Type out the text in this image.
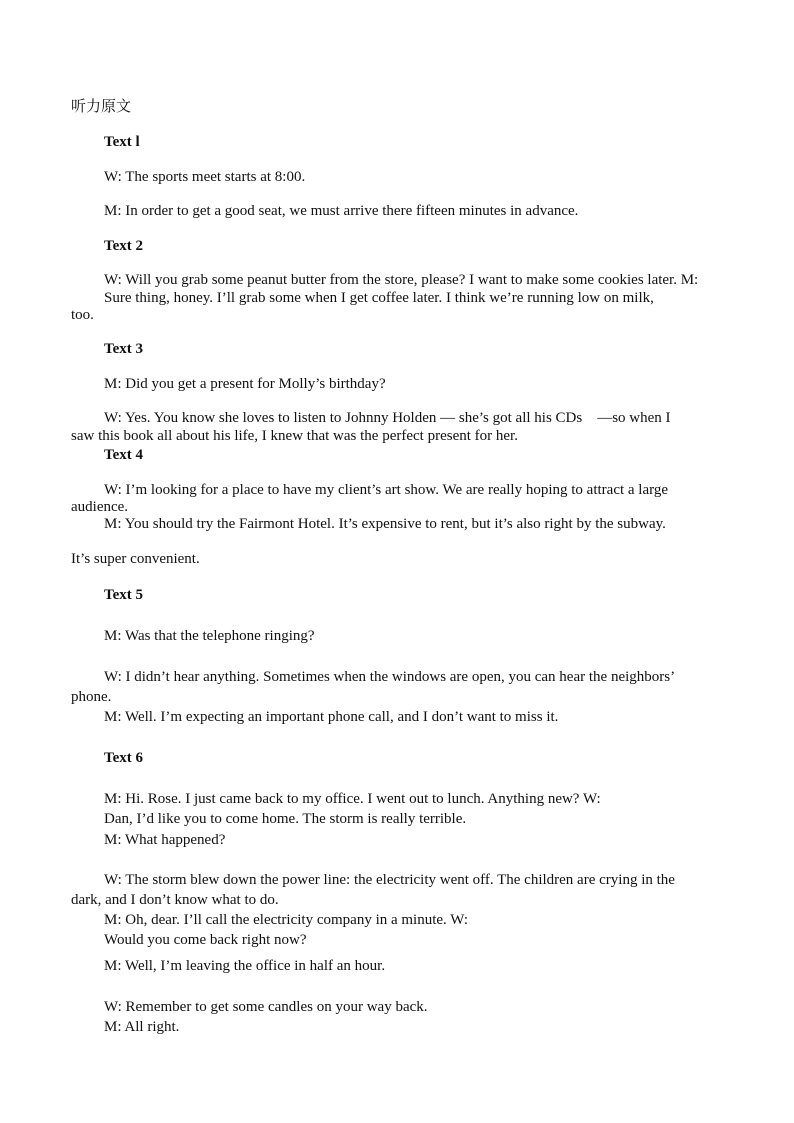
听力原文
Text l
W: The sports meet starts at 8:00.
M: In order to get a good seat, we must arrive there fifteen minutes in advance.
Text 2
W: Will you grab some peanut butter from the store, please? I want to make some cookies later. M:
Sure thing, honey. I’ll grab some when I get coffee later. I think we’re running low on milk,
too.
Text 3
M: Did you get a present for Molly’s birthday?
W: Yes. You know she loves to listen to Johnny Holden — she’s got all his CDs    —so when I
saw this book all about his life, I knew that was the perfect present for her.
Text 4
W: I’m looking for a place to have my client’s art show. We are really hoping to attract a large
audience.
M: You should try the Fairmont Hotel. It’s expensive to rent, but it’s also right by the subway.
It’s super convenient.
Text 5
M: Was that the telephone ringing?
W: I didn’t hear anything. Sometimes when the windows are open, you can hear the neighbors’
phone.
M: Well. I’m expecting an important phone call, and I don’t want to miss it.
Text 6
M: Hi. Rose. I just came back to my office. I went out to lunch. Anything new? W:
Dan, I’d like you to come home. The storm is really terrible.
M: What happened?
W: The storm blew down the power line: the electricity went off. The children are crying in the
dark, and I don’t know what to do.
M: Oh, dear. I’ll call the electricity company in a minute. W:
Would you come back right now?
M: Well, I’m leaving the office in half an hour.
W: Remember to get some candles on your way back.
M: All right.
